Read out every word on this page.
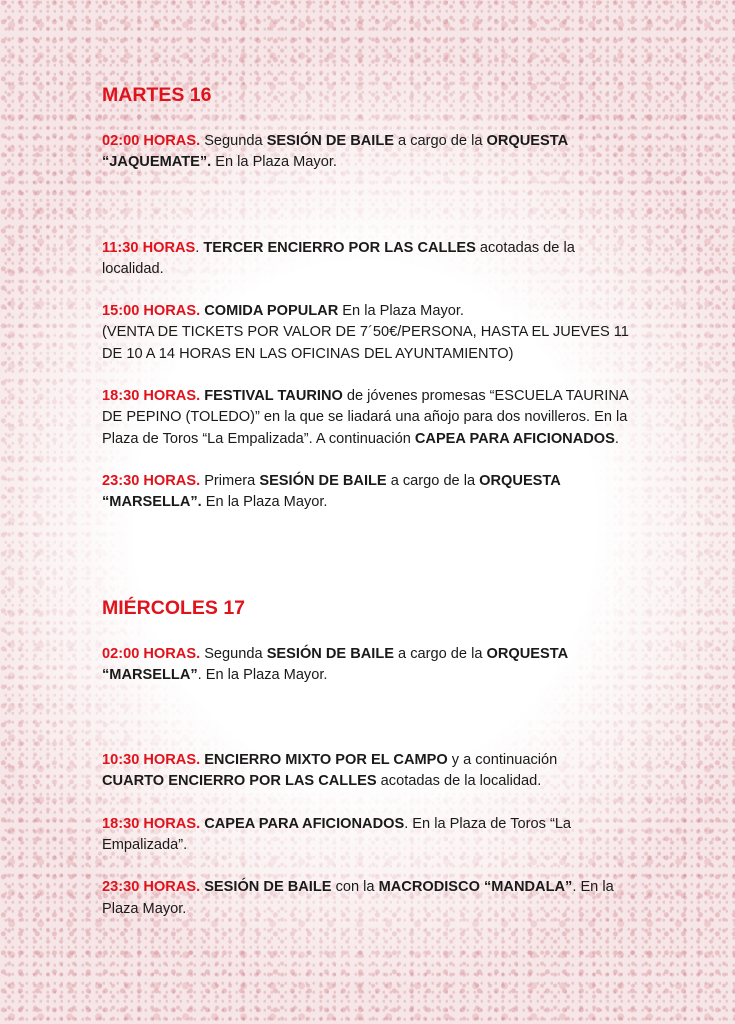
MARTES 16

02:00 HORAS. Segunda SESIÓN DE BAILE a cargo de la ORQUESTA
“JAQUEMATE”. En la Plaza Mayor.

11:30 HORAS. TERCER ENCIERRO POR LAS CALLES acotadas de la localidad.

15:00 HORAS. COMIDA POPULAR En la Plaza Mayor.
(VENTA DE TICKETS POR VALOR DE 7´50€/PERSONA, HASTA EL JUEVES 11 DE 10 A 14 HORAS EN LAS OFICINAS DEL AYUNTAMIENTO)

18:30 HORAS. FESTIVAL TAURINO de jóvenes promesas “ESCUELA TAURINA DE PEPINO (TOLEDO)” en la que se liadará una añojo para dos novilleros. En la Plaza de Toros “La Empalizada”. A continuación CAPEA PARA AFICIONADOS.

23:30 HORAS. Primera SESIÓN DE BAILE a cargo de la ORQUESTA
“MARSELLA”. En la Plaza Mayor.

MIÉRCOLES 17

02:00 HORAS. Segunda SESIÓN DE BAILE a cargo de la ORQUESTA
“MARSELLA”. En la Plaza Mayor.

10:30 HORAS. ENCIERRO MIXTO POR EL CAMPO y a continuación
CUARTO ENCIERRO POR LAS CALLES acotadas de la localidad.

18:30 HORAS. CAPEA PARA AFICIONADOS. En la Plaza de Toros “La Empalizada”.

23:30 HORAS. SESIÓN DE BAILE con la MACRODISCO “MANDALA”. En la Plaza Mayor.
